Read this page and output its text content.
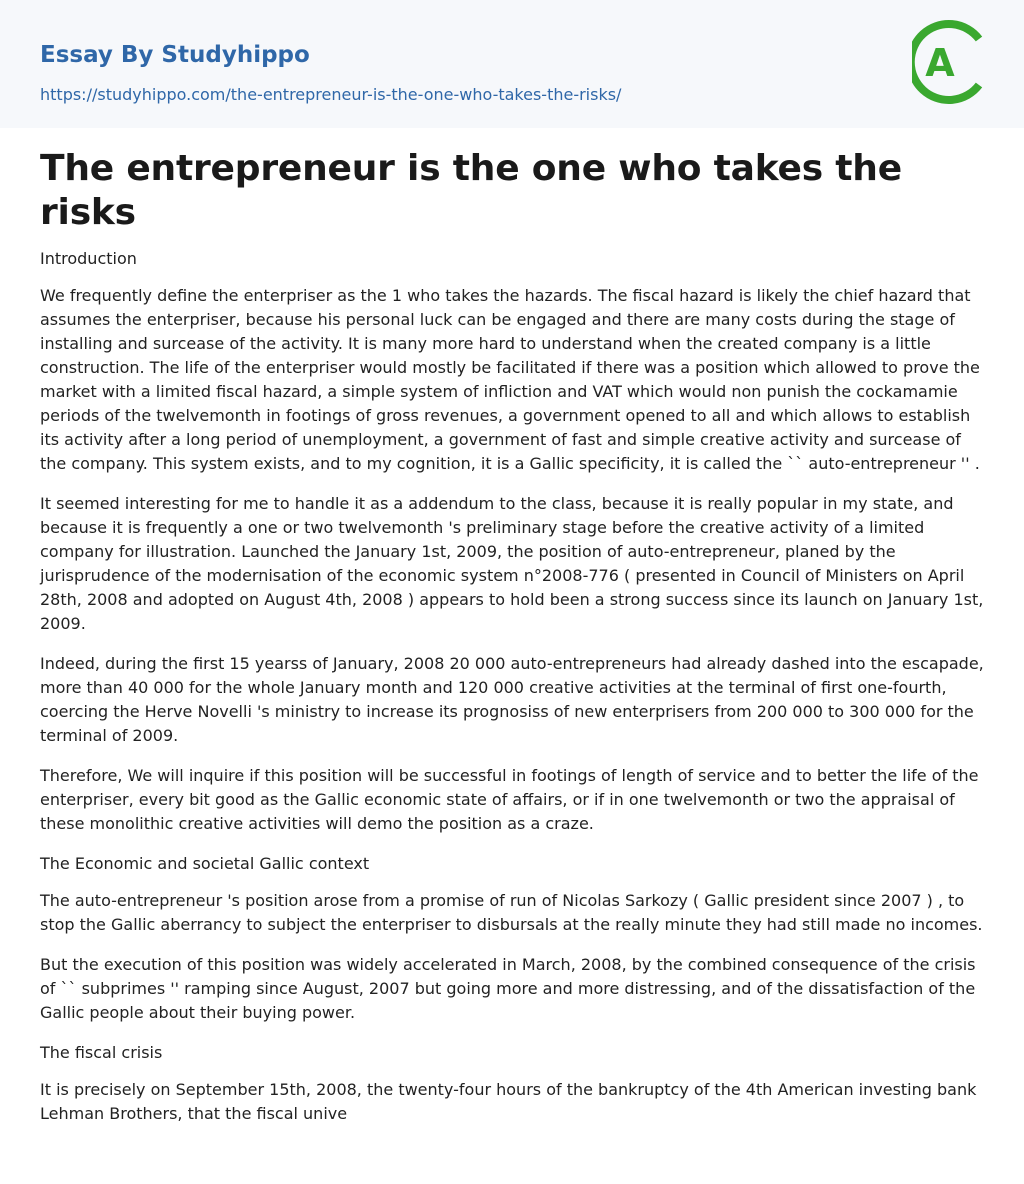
Essay By Studyhippo
https://studyhippo.com/the-entrepreneur-is-the-one-who-takes-the-risks/
A
The entrepreneur is the one who takes the risks
Introduction

We frequently define the enterpriser as the 1 who takes the hazards. The fiscal hazard is likely the chief hazard that assumes the enterpriser, because his personal luck can be engaged and there are many costs during the stage of installing and surcease of the activity. It is many more hard to understand when the created company is a little construction. The life of the enterpriser would mostly be facilitated if there was a position which allowed to prove the market with a limited fiscal hazard, a simple system of infliction and VAT which would non punish the cockamamie periods of the twelvemonth in footings of gross revenues, a government opened to all and which allows to establish its activity after a long period of unemployment, a government of fast and simple creative activity and surcease of the company. This system exists, and to my cognition, it is a Gallic specificity, it is called the `` auto-entrepreneur '' .

It seemed interesting for me to handle it as a addendum to the class, because it is really popular in my state, and because it is frequently a one or two twelvemonth 's preliminary stage before the creative activity of a limited company for illustration. Launched the January 1st, 2009, the position of auto-entrepreneur, planed by the jurisprudence of the modernisation of the economic system n°2008-776 ( presented in Council of Ministers on April 28th, 2008 and adopted on August 4th, 2008 ) appears to hold been a strong success since its launch on January 1st, 2009.

Indeed, during the first 15 yearss of January, 2008 20 000 auto-entrepreneurs had already dashed into the escapade, more than 40 000 for the whole January month and 120 000 creative activities at the terminal of first one-fourth, coercing the Herve Novelli 's ministry to increase its prognosiss of new enterprisers from 200 000 to 300 000 for the terminal of 2009.

Therefore, We will inquire if this position will be successful in footings of length of service and to better the life of the enterpriser, every bit good as the Gallic economic state of affairs, or if in one twelvemonth or two the appraisal of these monolithic creative activities will demo the position as a craze.

The Economic and societal Gallic context

The auto-entrepreneur 's position arose from a promise of run of Nicolas Sarkozy ( Gallic president since 2007 ) , to stop the Gallic aberrancy to subject the enterpriser to disbursals at the really minute they had still made no incomes.

But the execution of this position was widely accelerated in March, 2008, by the combined consequence of the crisis of `` subprimes '' ramping since August, 2007 but going more and more distressing, and of the dissatisfaction of the Gallic people about their buying power.

The fiscal crisis

It is precisely on September 15th, 2008, the twenty-four hours of the bankruptcy of the 4th American investing bank Lehman Brothers, that the fiscal unive
